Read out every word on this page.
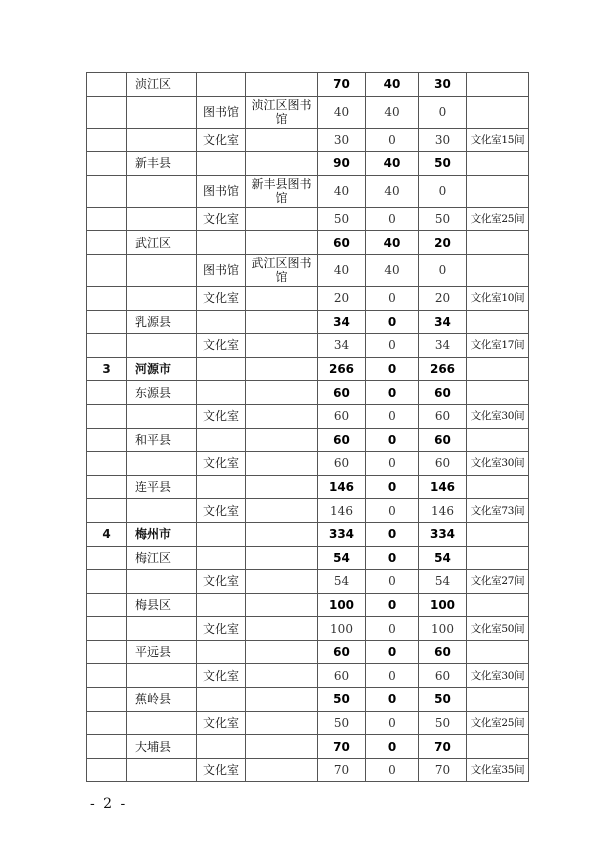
	浈江区			70	40	30	
		图书馆	浈江区图书馆	40	40	0	
		文化室		30	0	30	文化室15间
	新丰县			90	40	50	
		图书馆	新丰县图书馆	40	40	0	
		文化室		50	0	50	文化室25间
	武江区			60	40	20	
		图书馆	武江区图书馆	40	40	0	
		文化室		20	0	20	文化室10间
	乳源县			34	0	34	
		文化室		34	0	34	文化室17间
3	河源市			266	0	266	
	东源县			60	0	60	
		文化室		60	0	60	文化室30间
	和平县			60	0	60	
		文化室		60	0	60	文化室30间
	连平县			146	0	146	
		文化室		146	0	146	文化室73间
4	梅州市			334	0	334	
	梅江区			54	0	54	
		文化室		54	0	54	文化室27间
	梅县区			100	0	100	
		文化室		100	0	100	文化室50间
	平远县			60	0	60	
		文化室		60	0	60	文化室30间
	蕉岭县			50	0	50	
		文化室		50	0	50	文化室25间
	大埔县			70	0	70	
		文化室		70	0	70	文化室35间
- 2 -
